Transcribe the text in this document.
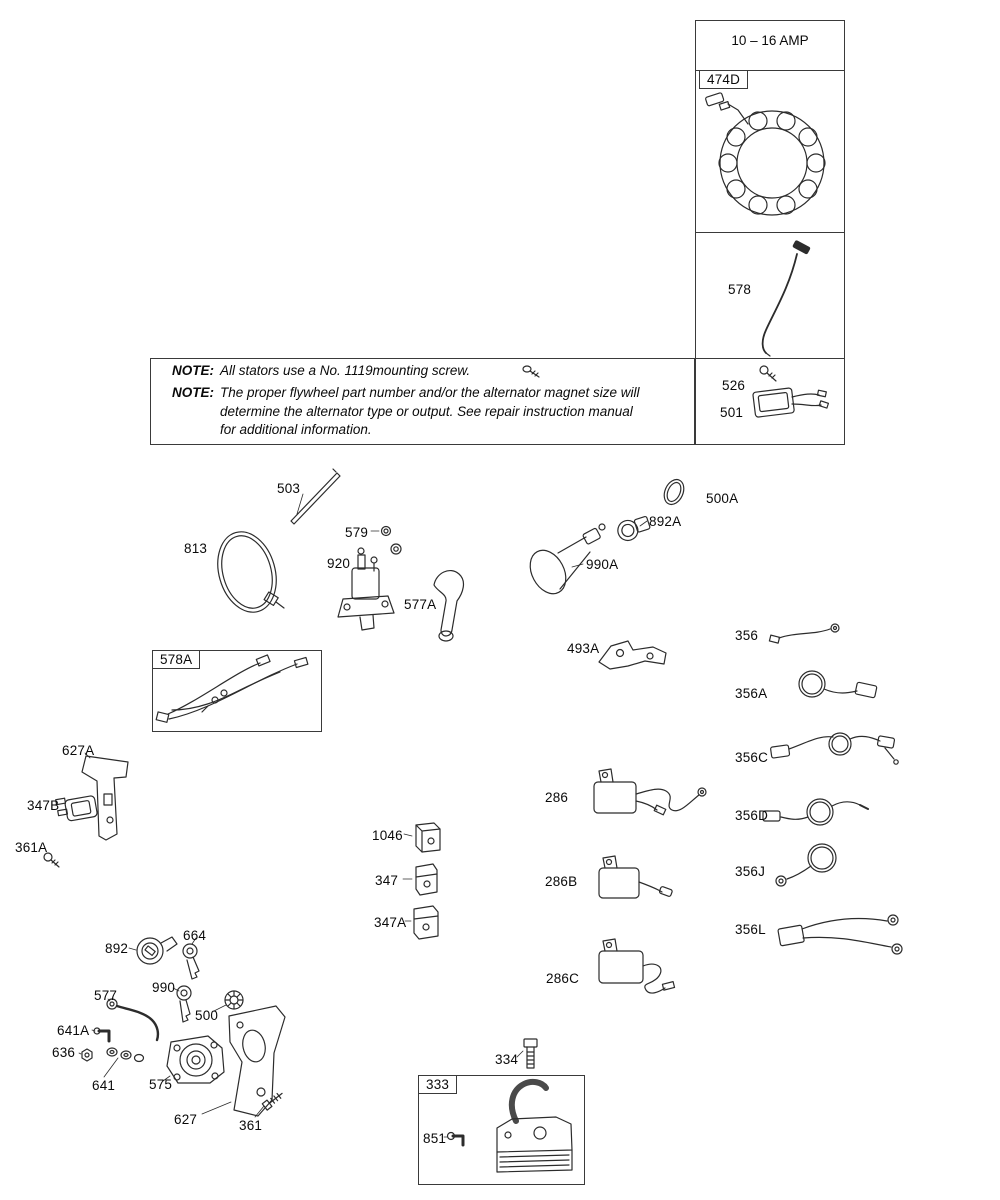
10 – 16 AMP
474D
578
526
501
NOTE: All stators use a No. 1119mounting screw.
NOTE: The proper flywheel part number and/or the alternator magnet size will
determine the alternator type or output. See repair instruction manual
for additional information.
578A
333
503
813
579
920
577A
500A
892A
990A
493A
356
356A
356C
356D
356J
356L
627A
347B
361A
286
1046
347
347A
286B
286C
892
664
990
577
500
641A
636
641	575
627	361
334
851
